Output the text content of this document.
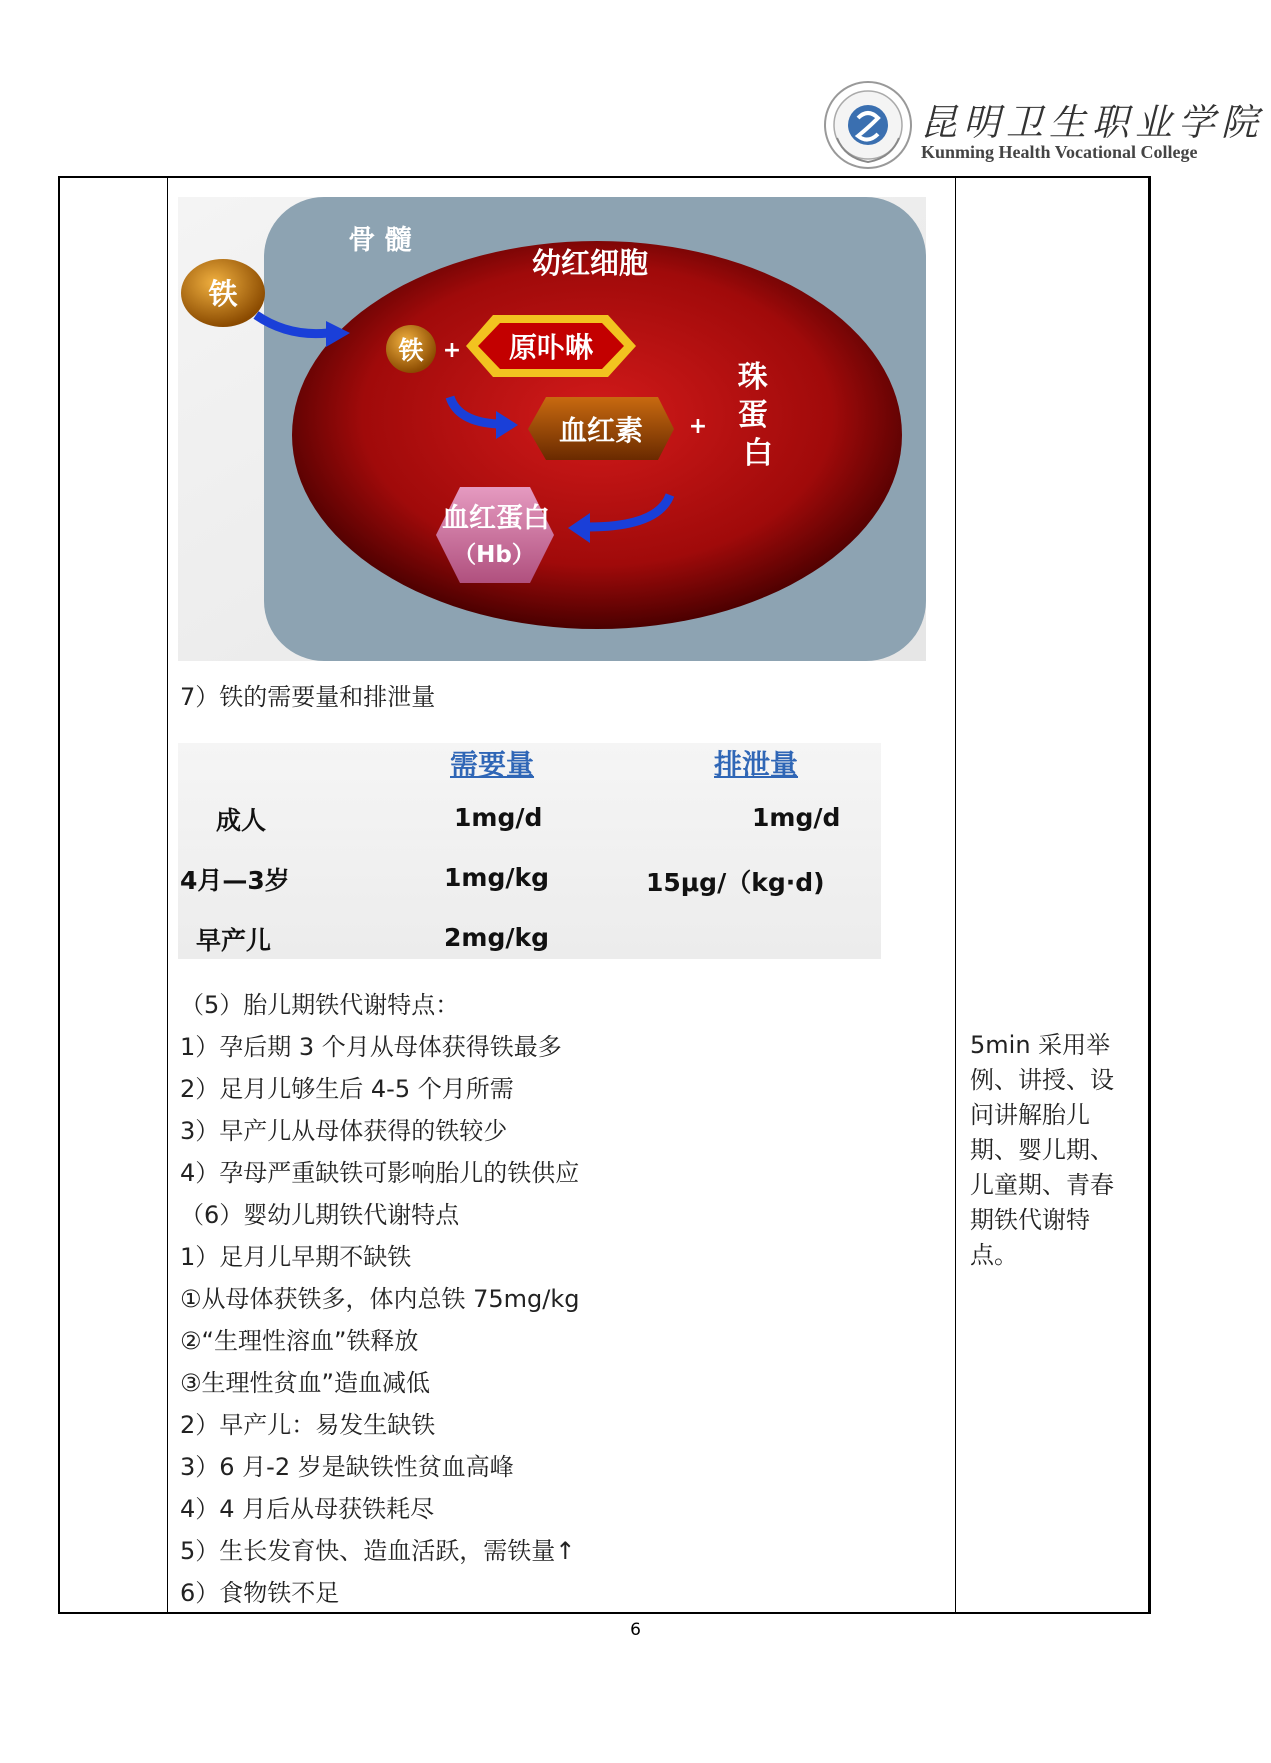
昆明卫生职业学院
Kunming Health Vocational College
骨 髓
幼红细胞
铁
铁 + 原卟啉
血红素 +
珠 蛋 白
血红蛋白
（Hb）
7）铁的需要量和排泄量
需要量	排泄量
成人	1mg/d	1mg/d
4月—3岁	1mg/kg	15μg/（kg·d)
早产儿	2mg/kg
（5）胎儿期铁代谢特点：
1）孕后期 3 个月从母体获得铁最多
2）足月儿够生后 4-5 个月所需
3）早产儿从母体获得的铁较少
4）孕母严重缺铁可影响胎儿的铁供应
（6）婴幼儿期铁代谢特点
1）足月儿早期不缺铁
①从母体获铁多，体内总铁 75mg/kg
②“生理性溶血”铁释放
③生理性贫血”造血减低
2）早产儿：易发生缺铁
3）6 月-2 岁是缺铁性贫血高峰
4）4 月后从母获铁耗尽
5）生长发育快、造血活跃，需铁量↑
6）食物铁不足
5min 采用举
例、讲授、设
问讲解胎儿
期、婴儿期、
儿童期、青春
期铁代谢特
点。
6
